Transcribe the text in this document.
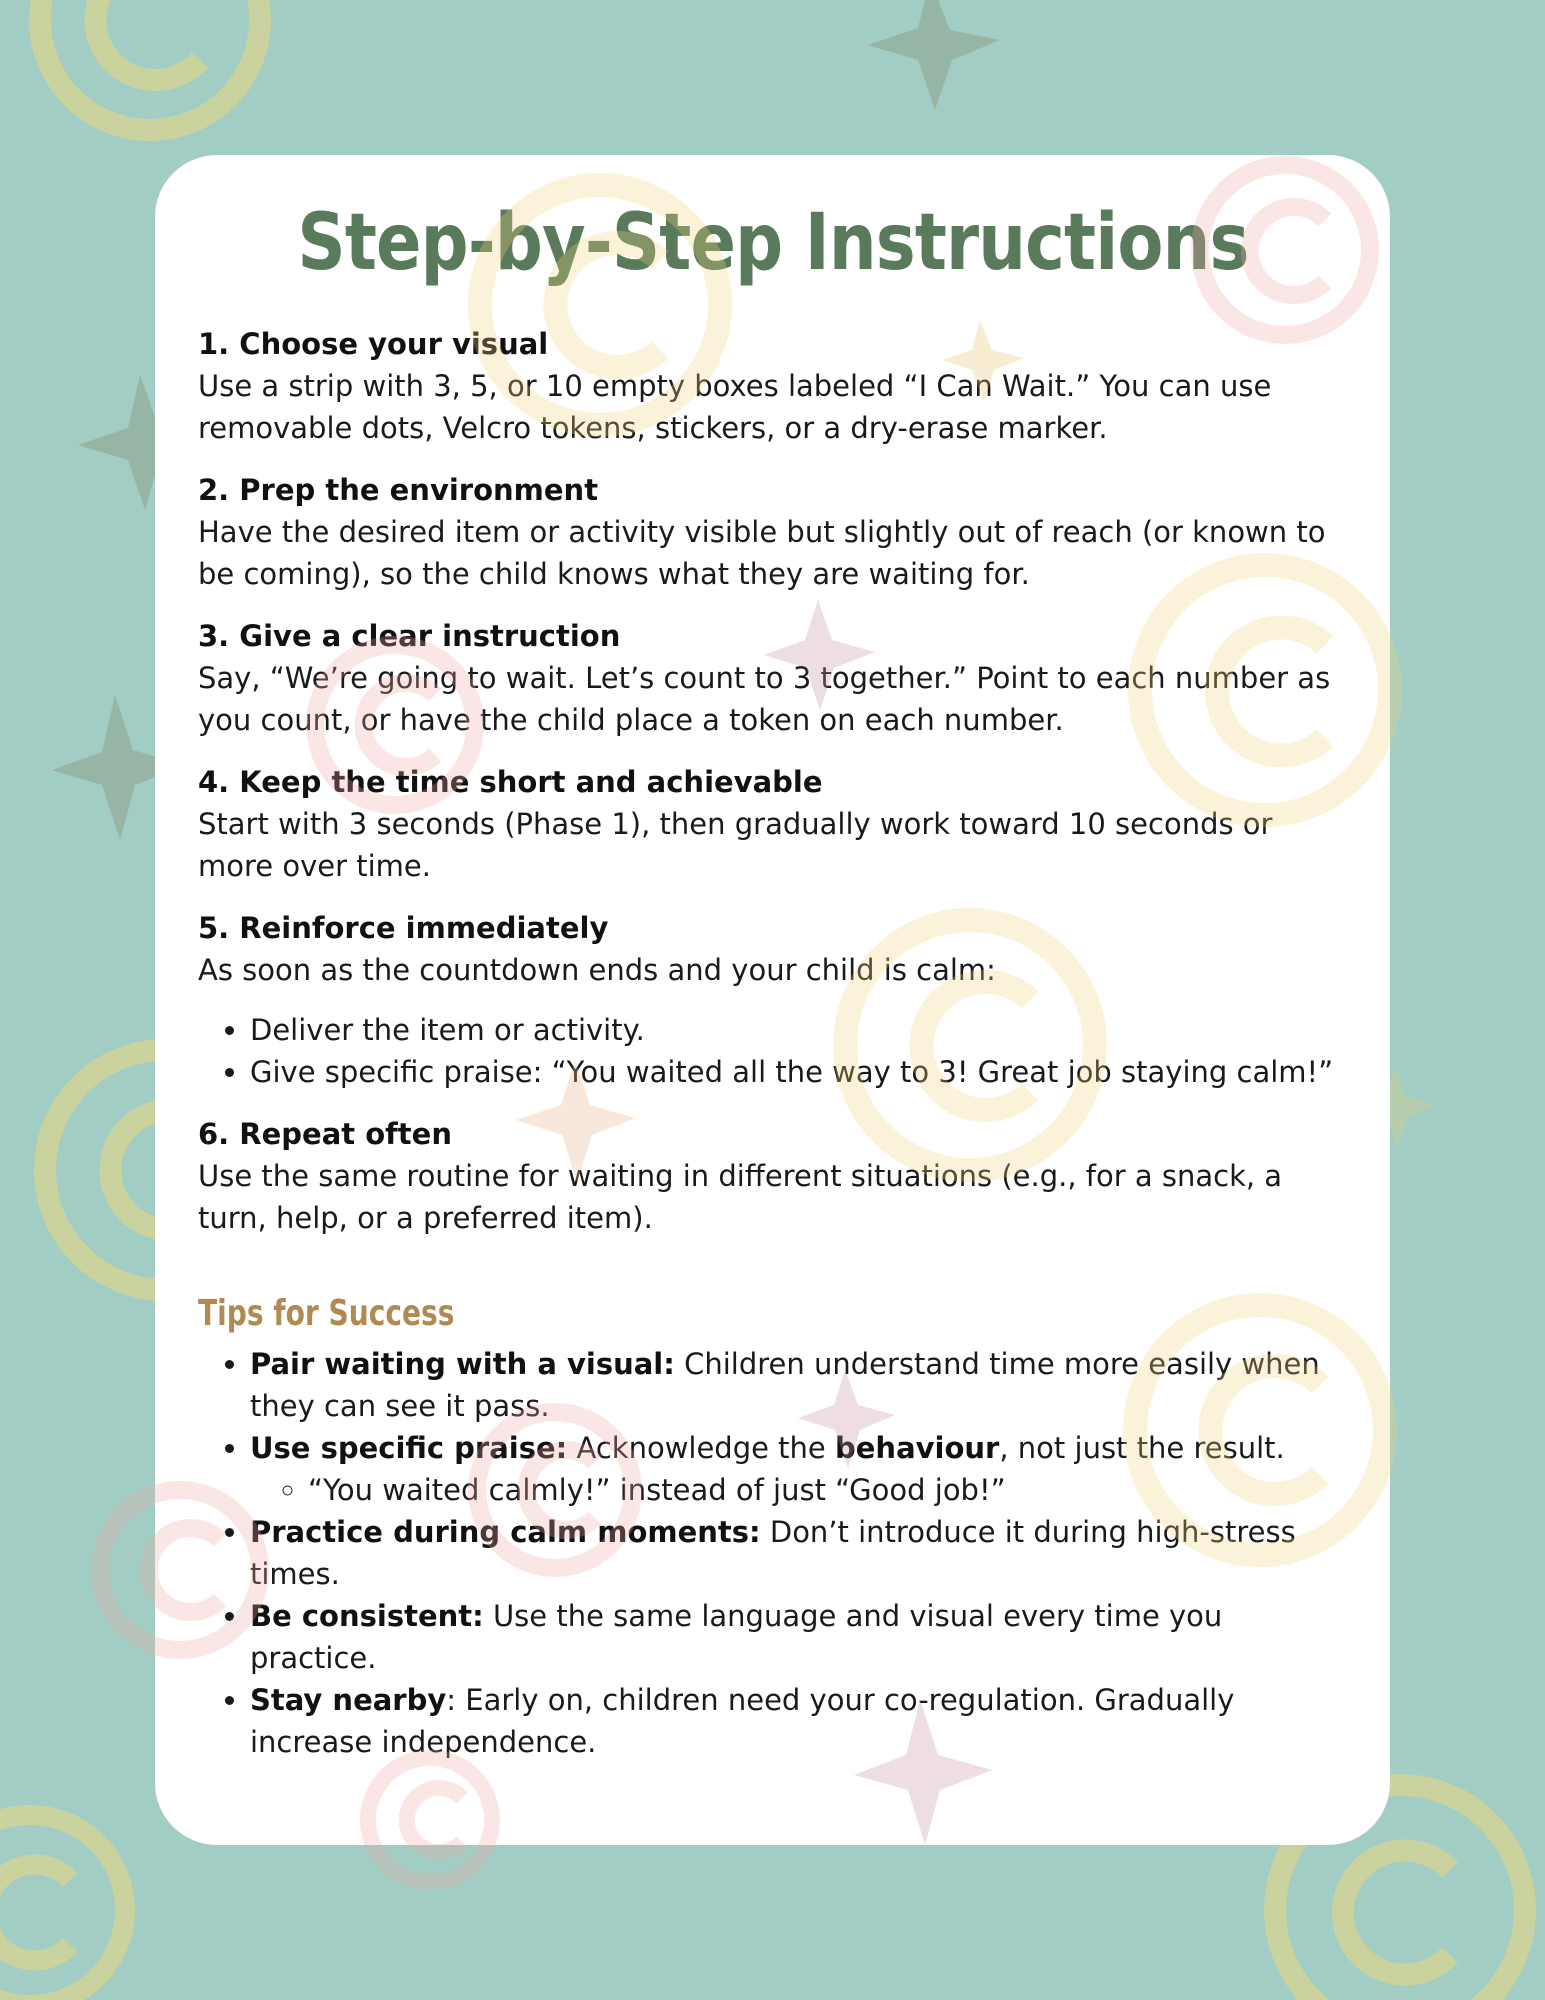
Step-by-Step Instructions
1. Choose your visual
Use a strip with 3, 5, or 10 empty boxes labeled “I Can Wait.” You can use removable dots, Velcro tokens, stickers, or a dry-erase marker.
2. Prep the environment
Have the desired item or activity visible but slightly out of reach (or known to be coming), so the child knows what they are waiting for.
3. Give a clear instruction
Say, “We’re going to wait. Let’s count to 3 together.” Point to each number as you count, or have the child place a token on each number.
4. Keep the time short and achievable
Start with 3 seconds (Phase 1), then gradually work toward 10 seconds or more over time.
5. Reinforce immediately
As soon as the countdown ends and your child is calm:
• Deliver the item or activity.
• Give specific praise: “You waited all the way to 3! Great job staying calm!”
6. Repeat often
Use the same routine for waiting in different situations (e.g., for a snack, a turn, help, or a preferred item).
Tips for Success
• Pair waiting with a visual: Children understand time more easily when they can see it pass.
• Use specific praise: Acknowledge the behaviour, not just the result.
◦ “You waited calmly!” instead of just “Good job!”
• Practice during calm moments: Don’t introduce it during high-stress times.
• Be consistent: Use the same language and visual every time you practice.
• Stay nearby: Early on, children need your co-regulation. Gradually increase independence.
